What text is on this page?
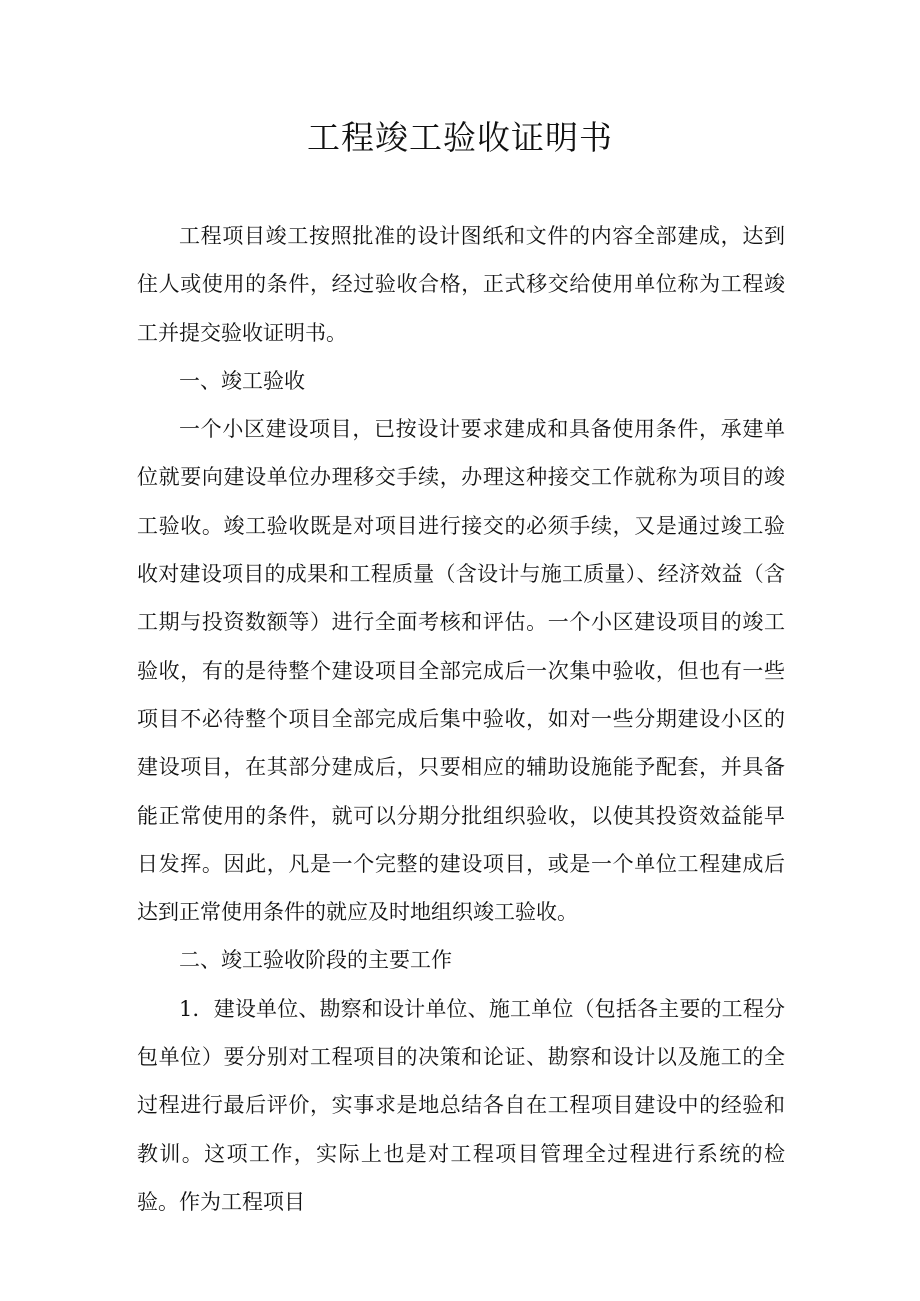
工程竣工验收证明书

工程项目竣工按照批准的设计图纸和文件的内容全部建成，达到住人或使用的条件，经过验收合格，正式移交给使用单位称为工程竣工并提交验收证明书。

一、竣工验收

一个小区建设项目，已按设计要求建成和具备使用条件，承建单位就要向建设单位办理移交手续，办理这种接交工作就称为项目的竣工验收。竣工验收既是对项目进行接交的必须手续，又是通过竣工验收对建设项目的成果和工程质量（含设计与施工质量）、经济效益（含工期与投资数额等）进行全面考核和评估。一个小区建设项目的竣工验收，有的是待整个建设项目全部完成后一次集中验收，但也有一些项目不必待整个项目全部完成后集中验收，如对一些分期建设小区的建设项目，在其部分建成后，只要相应的辅助设施能予配套，并具备能正常使用的条件，就可以分期分批组织验收，以使其投资效益能早日发挥。因此，凡是一个完整的建设项目，或是一个单位工程建成后达到正常使用条件的就应及时地组织竣工验收。

二、竣工验收阶段的主要工作

1．建设单位、勘察和设计单位、施工单位（包括各主要的工程分包单位）要分别对工程项目的决策和论证、勘察和设计以及施工的全过程进行最后评价，实事求是地总结各自在工程项目建设中的经验和教训。这项工作，实际上也是对工程项目管理全过程进行系统的检验。作为工程项目
